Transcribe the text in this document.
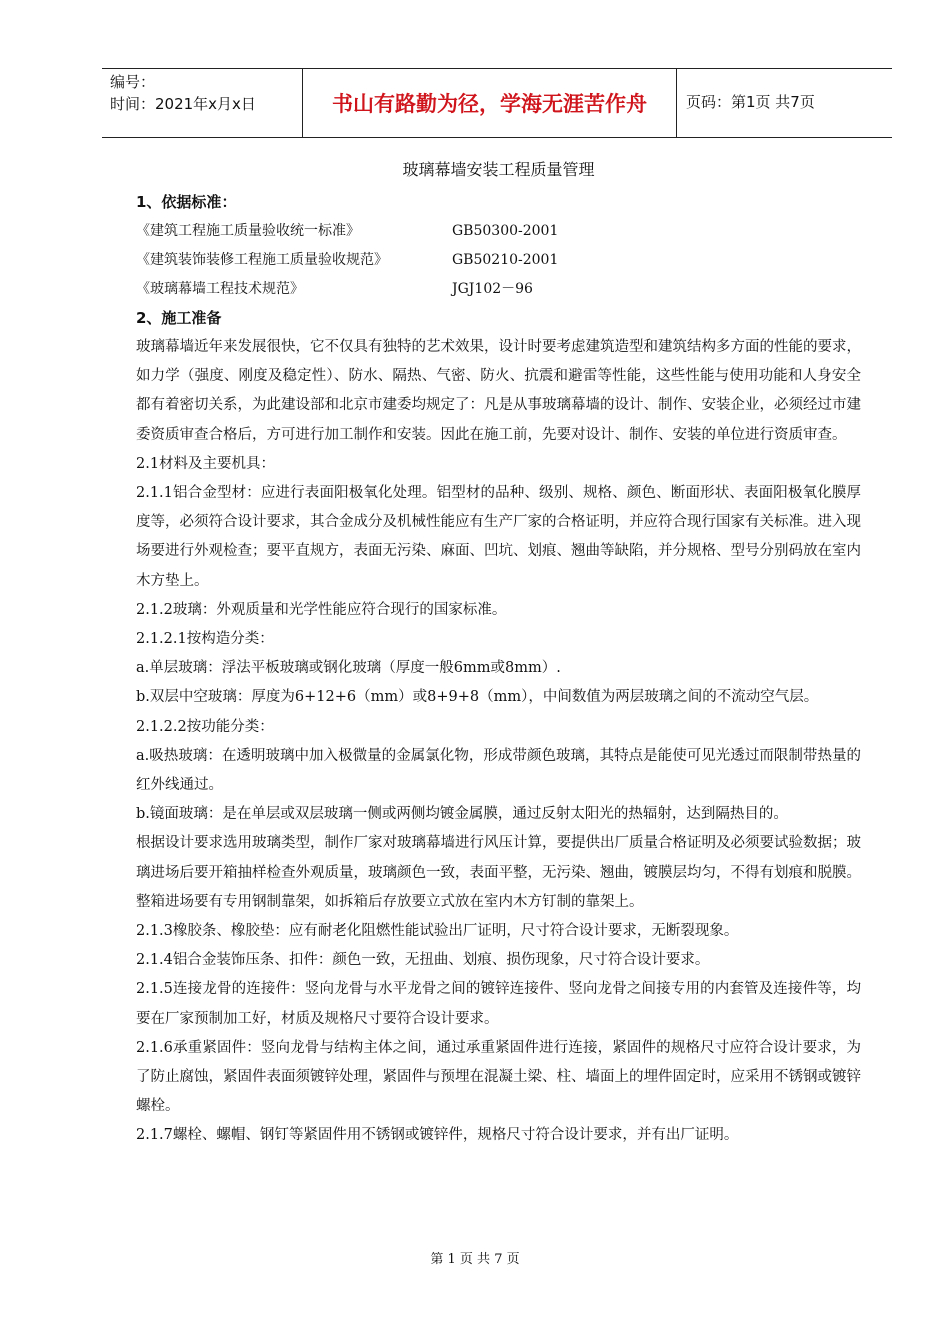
编号：
时间：2021年x月x日	书山有路勤为径，学海无涯苦作舟	页码：第1页 共7页
玻璃幕墙安装工程质量管理
1、依据标准：
《建筑工程施工质量验收统一标准》	GB50300-2001
《建筑装饰装修工程施工质量验收规范》	GB50210-2001
《玻璃幕墙工程技术规范》	JGJ102－96
2、施工准备

玻璃幕墙近年来发展很快，它不仅具有独特的艺术效果，设计时要考虑建筑造型和建筑结构多方面的性能的要求，如力学（强度、刚度及稳定性）、防水、隔热、气密、防火、抗震和避雷等性能，这些性能与使用功能和人身安全都有着密切关系，为此建设部和北京市建委均规定了：凡是从事玻璃幕墙的设计、制作、安装企业，必须经过市建委资质审查合格后，方可进行加工制作和安装。因此在施工前，先要对设计、制作、安装的单位进行资质审查。

2.1材料及主要机具：

2.1.1铝合金型材：应进行表面阳极氧化处理。铝型材的品种、级别、规格、颜色、断面形状、表面阳极氧化膜厚度等，必须符合设计要求，其合金成分及机械性能应有生产厂家的合格证明，并应符合现行国家有关标准。进入现场要进行外观检查；要平直规方，表面无污染、麻面、凹坑、划痕、翘曲等缺陷，并分规格、型号分别码放在室内木方垫上。

2.1.2玻璃：外观质量和光学性能应符合现行的国家标准。

2.1.2.1按构造分类：

a.单层玻璃：浮法平板玻璃或钢化玻璃（厚度一般6mm或8mm）.

b.双层中空玻璃：厚度为6+12+6（mm）或8+9+8（mm），中间数值为两层玻璃之间的不流动空气层。

2.1.2.2按功能分类：

a.吸热玻璃：在透明玻璃中加入极微量的金属氯化物，形成带颜色玻璃，其特点是能使可见光透过而限制带热量的红外线通过。

b.镜面玻璃：是在单层或双层玻璃一侧或两侧均镀金属膜，通过反射太阳光的热辐射，达到隔热目的。

根据设计要求选用玻璃类型，制作厂家对玻璃幕墙进行风压计算，要提供出厂质量合格证明及必须要试验数据；玻璃进场后要开箱抽样检查外观质量，玻璃颜色一致，表面平整，无污染、翘曲，镀膜层均匀，不得有划痕和脱膜。整箱进场要有专用钢制靠架，如拆箱后存放要立式放在室内木方钉制的靠架上。

2.1.3橡胶条、橡胶垫：应有耐老化阻燃性能试验出厂证明，尺寸符合设计要求，无断裂现象。

2.1.4铝合金装饰压条、扣件：颜色一致，无扭曲、划痕、损伤现象，尺寸符合设计要求。

2.1.5连接龙骨的连接件：竖向龙骨与水平龙骨之间的镀锌连接件、竖向龙骨之间接专用的内套管及连接件等，均要在厂家预制加工好，材质及规格尺寸要符合设计要求。

2.1.6承重紧固件：竖向龙骨与结构主体之间，通过承重紧固件进行连接，紧固件的规格尺寸应符合设计要求，为了防止腐蚀，紧固件表面须镀锌处理，紧固件与预埋在混凝土梁、柱、墙面上的埋件固定时，应采用不锈钢或镀锌螺栓。

2.1.7螺栓、螺帽、钢钉等紧固件用不锈钢或镀锌件，规格尺寸符合设计要求，并有出厂证明。

第 1 页 共 7 页
